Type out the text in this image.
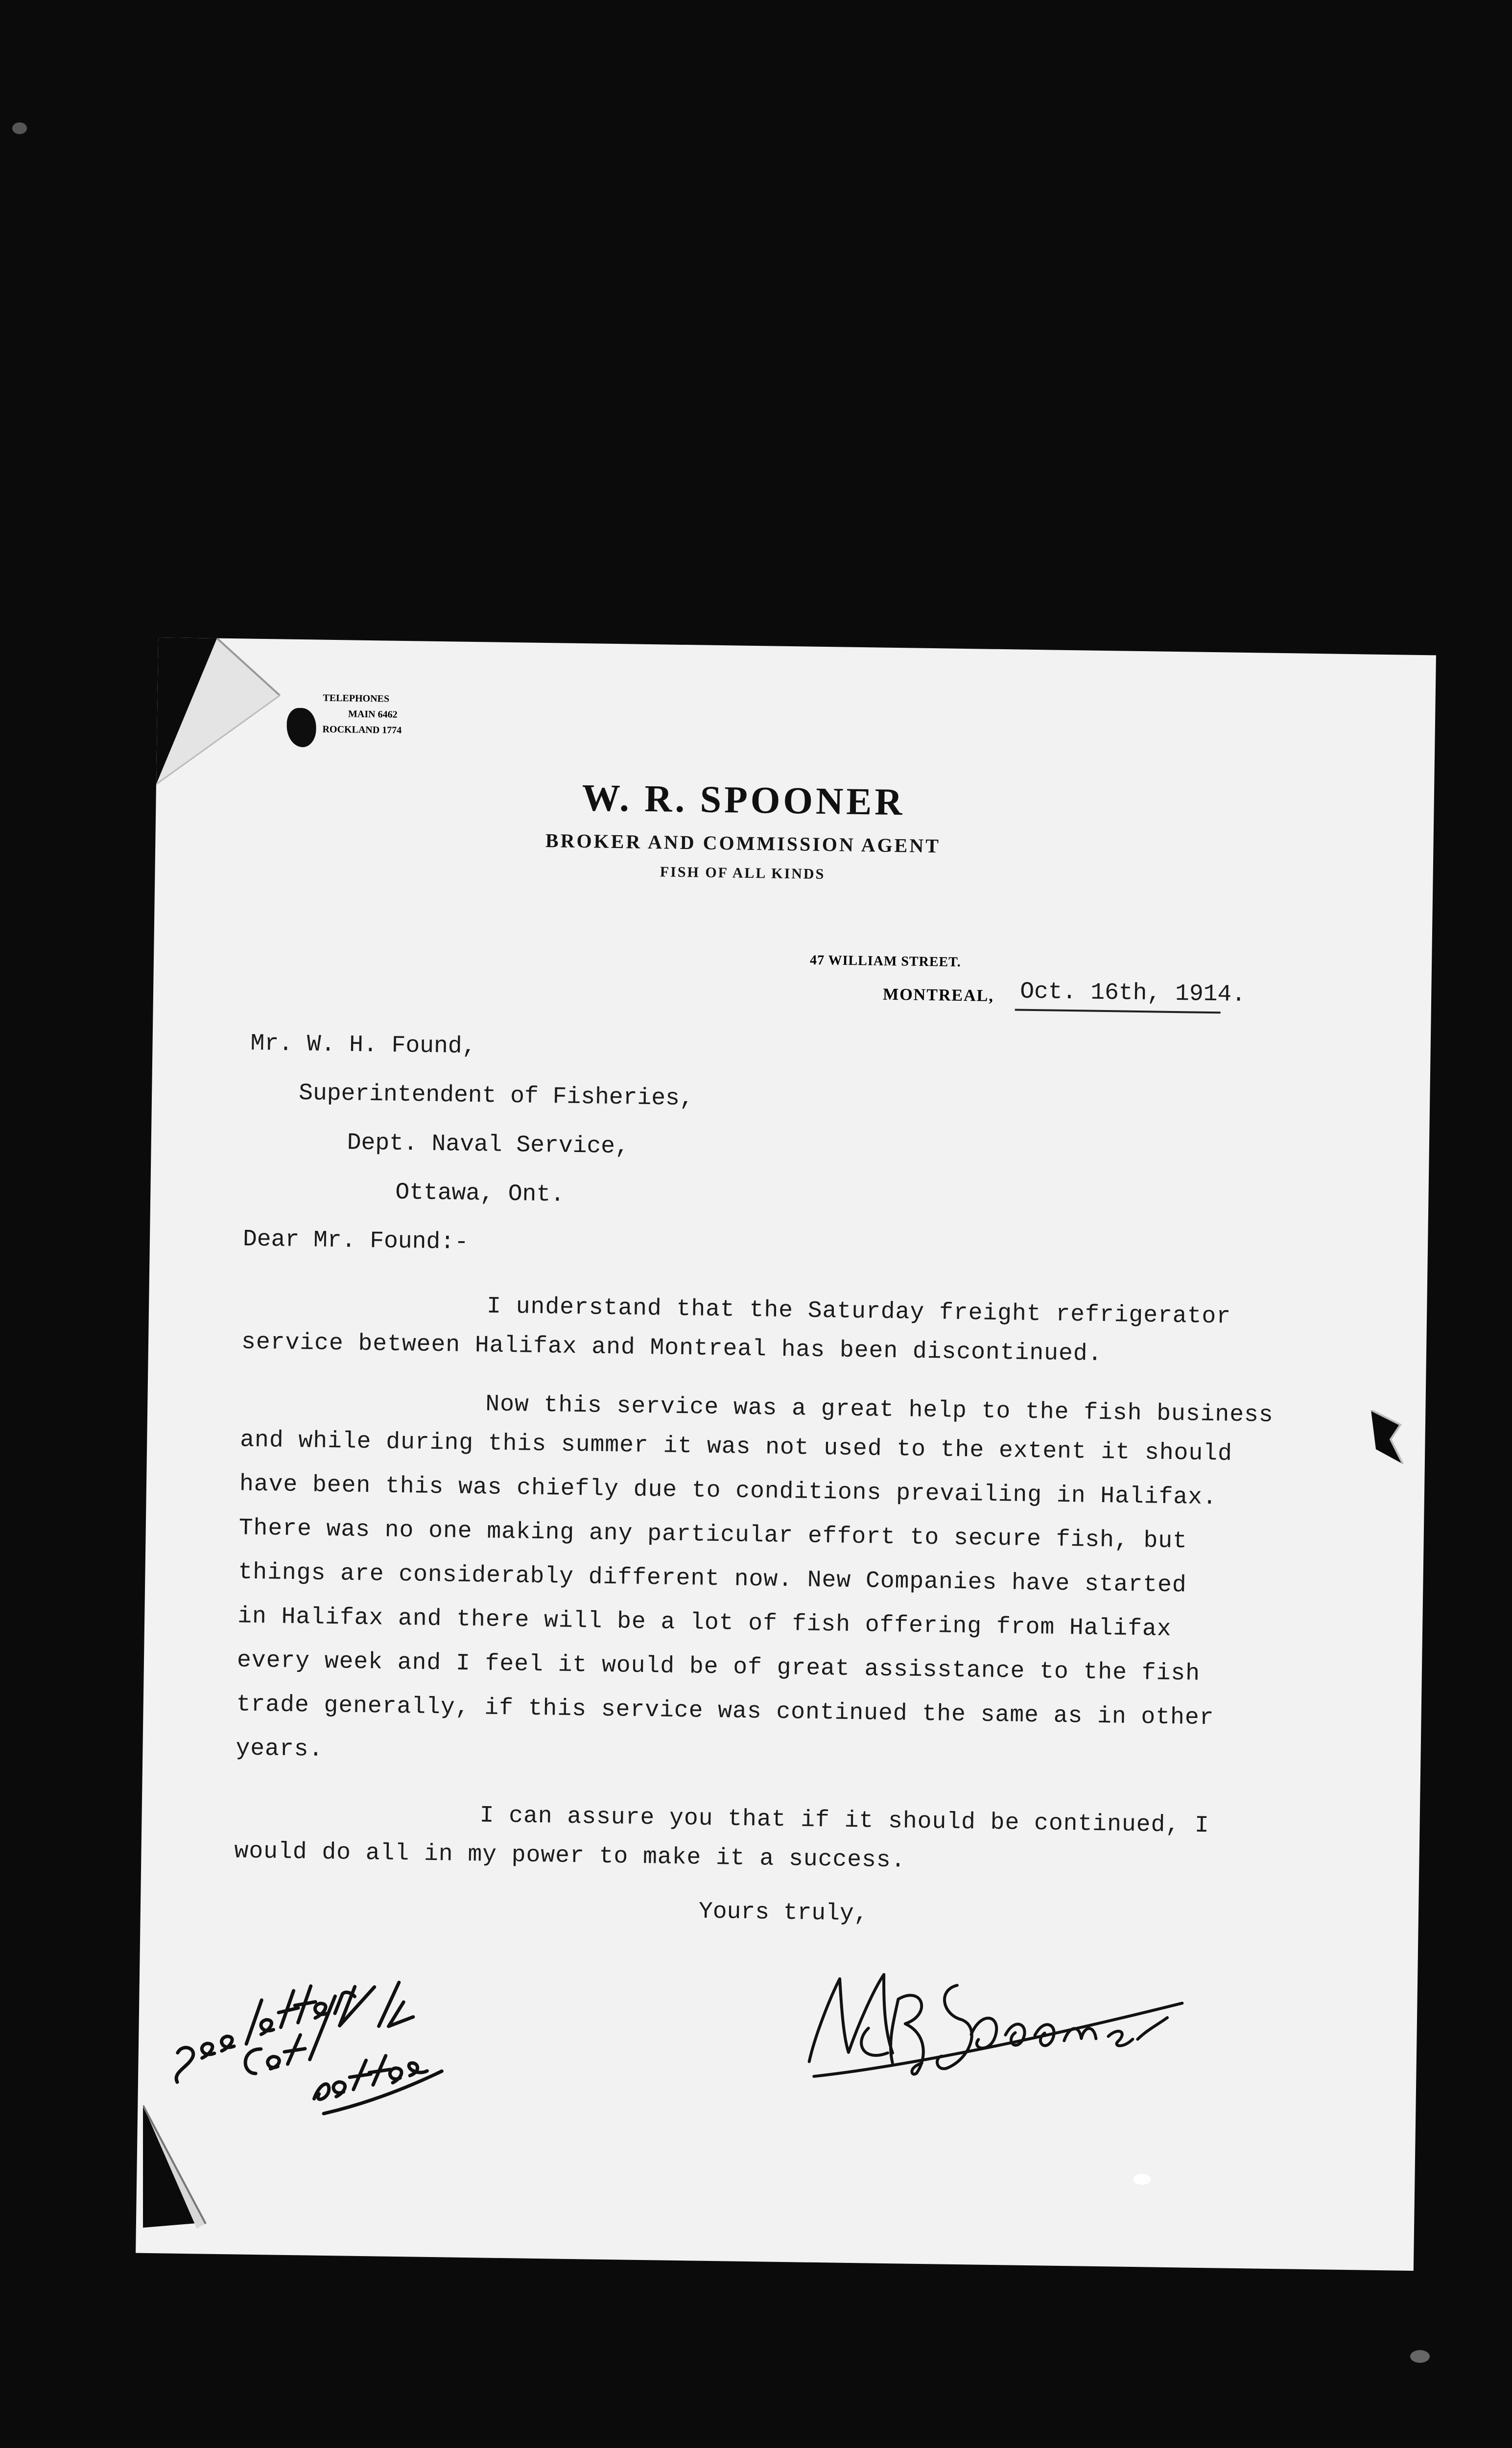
TELEPHONES
MAIN 6462
ROCKLAND 1774
W. R. SPOONER
BROKER AND COMMISSION AGENT
FISH OF ALL KINDS
47 WILLIAM STREET.
MONTREAL, Oct. 16th, 1914.
Mr. W. H. Found,
Superintendent of Fisheries,
Dept. Naval Service,
Ottawa, Ont.
Dear Mr. Found:-
I understand that the Saturday freight refrigerator
service between Halifax and Montreal has been discontinued.
Now this service was a great help to the fish business
and while during this summer it was not used to the extent it should
have been this was chiefly due to conditions prevailing in Halifax.
There was no one making any particular effort to secure fish, but
things are considerably different now. New Companies have started
in Halifax and there will be a lot of fish offering from Halifax
every week and I feel it would be of great assisstance to the fish
trade generally, if this service was continued the same as in other
years.
I can assure you that if it should be continued, I
would do all in my power to make it a success.
Yours truly,
